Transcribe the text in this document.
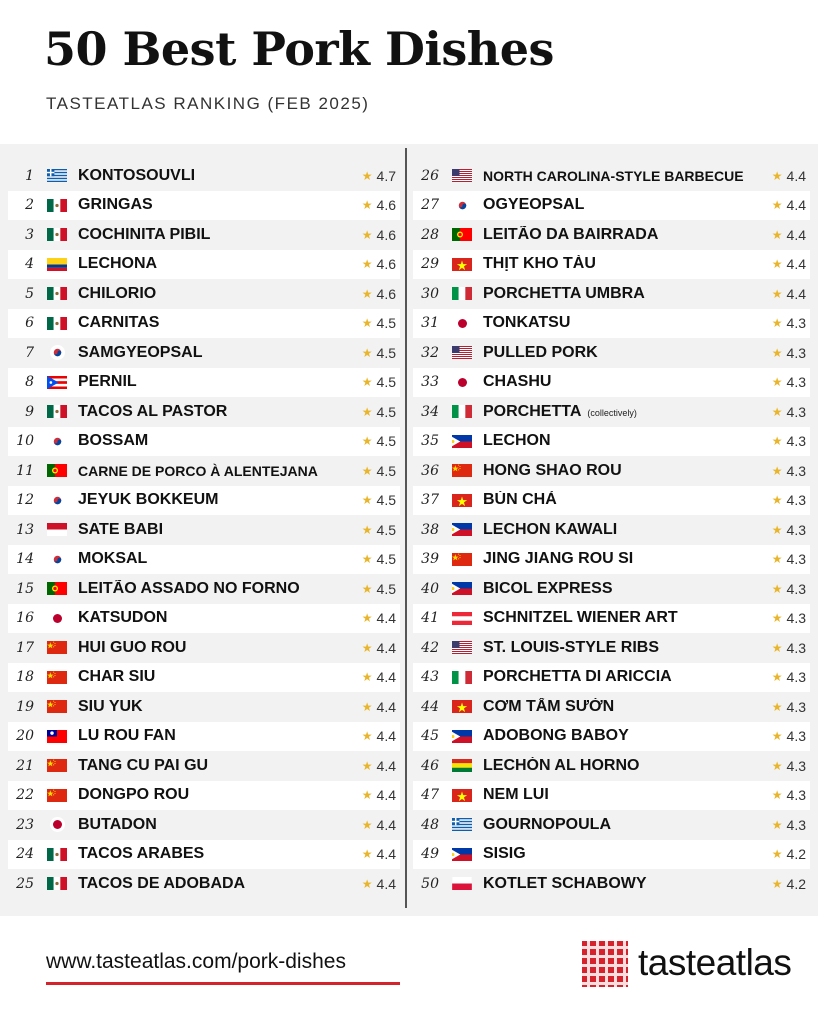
50 Best Pork Dishes
TASTEATLAS RANKING (FEB 2025)
1	KONTOSOUVLI	★ 4.7
2	GRINGAS	★ 4.6
3	COCHINITA PIBIL	★ 4.6
4	LECHONA	★ 4.6
5	CHILORIO	★ 4.6
6	CARNITAS	★ 4.5
7	SAMGYEOPSAL	★ 4.5
8	PERNIL	★ 4.5
9	TACOS AL PASTOR	★ 4.5
10	BOSSAM	★ 4.5
11	CARNE DE PORCO À ALENTEJANA	★ 4.5
12	JEYUK BOKKEUM	★ 4.5
13	SATE BABI	★ 4.5
14	MOKSAL	★ 4.5
15	LEITÃO ASSADO NO FORNO	★ 4.5
16	KATSUDON	★ 4.4
17	HUI GUO ROU	★ 4.4
18	CHAR SIU	★ 4.4
19	SIU YUK	★ 4.4
20	LU ROU FAN	★ 4.4
21	TANG CU PAI GU	★ 4.4
22	DONGPO ROU	★ 4.4
23	BUTADON	★ 4.4
24	TACOS ARABES	★ 4.4
25	TACOS DE ADOBADA	★ 4.4
26	NORTH CAROLINA-STYLE BARBECUE	★ 4.4
27	OGYEOPSAL	★ 4.4
28	LEITÃO DA BAIRRADA	★ 4.4
29	THỊT KHO TÀU	★ 4.4
30	PORCHETTA UMBRA	★ 4.4
31	TONKATSU	★ 4.3
32	PULLED PORK	★ 4.3
33	CHASHU	★ 4.3
34	PORCHETTA (collectively)	★ 4.3
35	LECHON	★ 4.3
36	HONG SHAO ROU	★ 4.3
37	BÚN CHẢ	★ 4.3
38	LECHON KAWALI	★ 4.3
39	JING JIANG ROU SI	★ 4.3
40	BICOL EXPRESS	★ 4.3
41	SCHNITZEL WIENER ART	★ 4.3
42	ST. LOUIS-STYLE RIBS	★ 4.3
43	PORCHETTA DI ARICCIA	★ 4.3
44	CƠM TẤM SƯỜN	★ 4.3
45	ADOBONG BABOY	★ 4.3
46	LECHÓN AL HORNO	★ 4.3
47	NEM LUI	★ 4.3
48	GOURNOPOULA	★ 4.3
49	SISIG	★ 4.2
50	KOTLET SCHABOWY	★ 4.2
www.tasteatlas.com/pork-dishes	tasteatlas
